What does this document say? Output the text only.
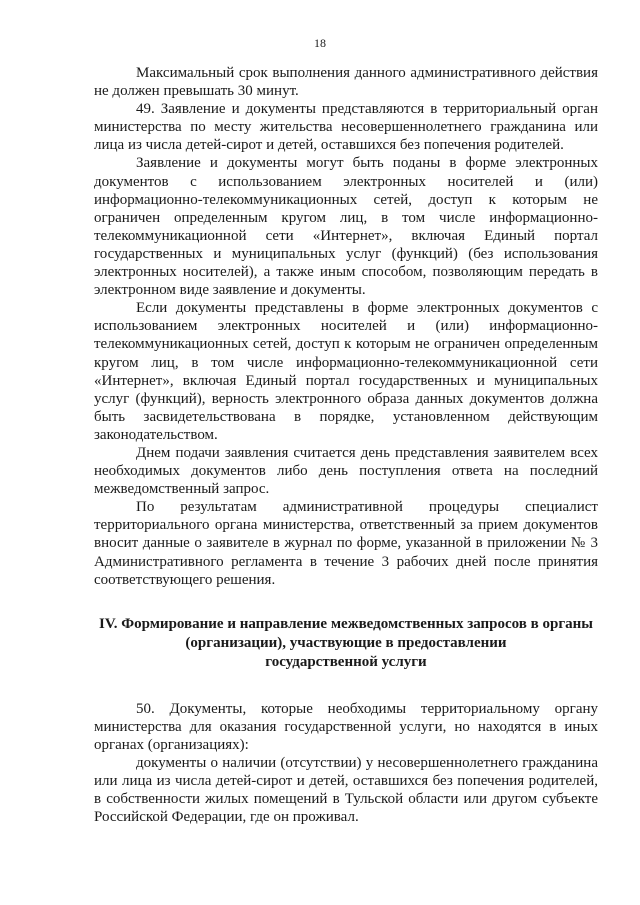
18

Максимальный срок выполнения данного административного действия не должен превышать 30 минут.

49. Заявление и документы представляются в территориальный орган министерства по месту жительства несовершеннолетнего гражданина или лица из числа детей-сирот и детей, оставшихся без попечения родителей.

Заявление и документы могут быть поданы в форме электронных документов с использованием электронных носителей и (или) информационно-телекоммуникационных сетей, доступ к которым не ограничен определенным кругом лиц, в том числе информационно-телекоммуникационной сети «Интернет», включая Единый портал государственных и муниципальных услуг (функций) (без использования электронных носителей), а также иным способом, позволяющим передать в электронном виде заявление и документы.

Если документы представлены в форме электронных документов с использованием электронных носителей и (или) информационно-телекоммуникационных сетей, доступ к которым не ограничен определенным кругом лиц, в том числе информационно-телекоммуникационной сети «Интернет», включая Единый портал государственных и муниципальных услуг (функций), верность электронного образа данных документов должна быть засвидетельствована в порядке, установленном действующим законодательством.

Днем подачи заявления считается день представления заявителем всех необходимых документов либо день поступления ответа на последний межведомственный запрос.

По результатам административной процедуры специалист территориального органа министерства, ответственный за прием документов вносит данные о заявителе в журнал по форме, указанной в приложении № 3 Административного регламента в течение 3 рабочих дней после принятия соответствующего решения.

IV. Формирование и направление межведомственных запросов в органы
(организации), участвующие в предоставлении
государственной услуги

50. Документы, которые необходимы территориальному органу министерства для оказания государственной услуги, но находятся в иных органах (организациях):

документы о наличии (отсутствии) у несовершеннолетнего гражданина или лица из числа детей-сирот и детей, оставшихся без попечения родителей, в собственности жилых помещений в Тульской области или другом субъекте Российской Федерации, где он проживал.
